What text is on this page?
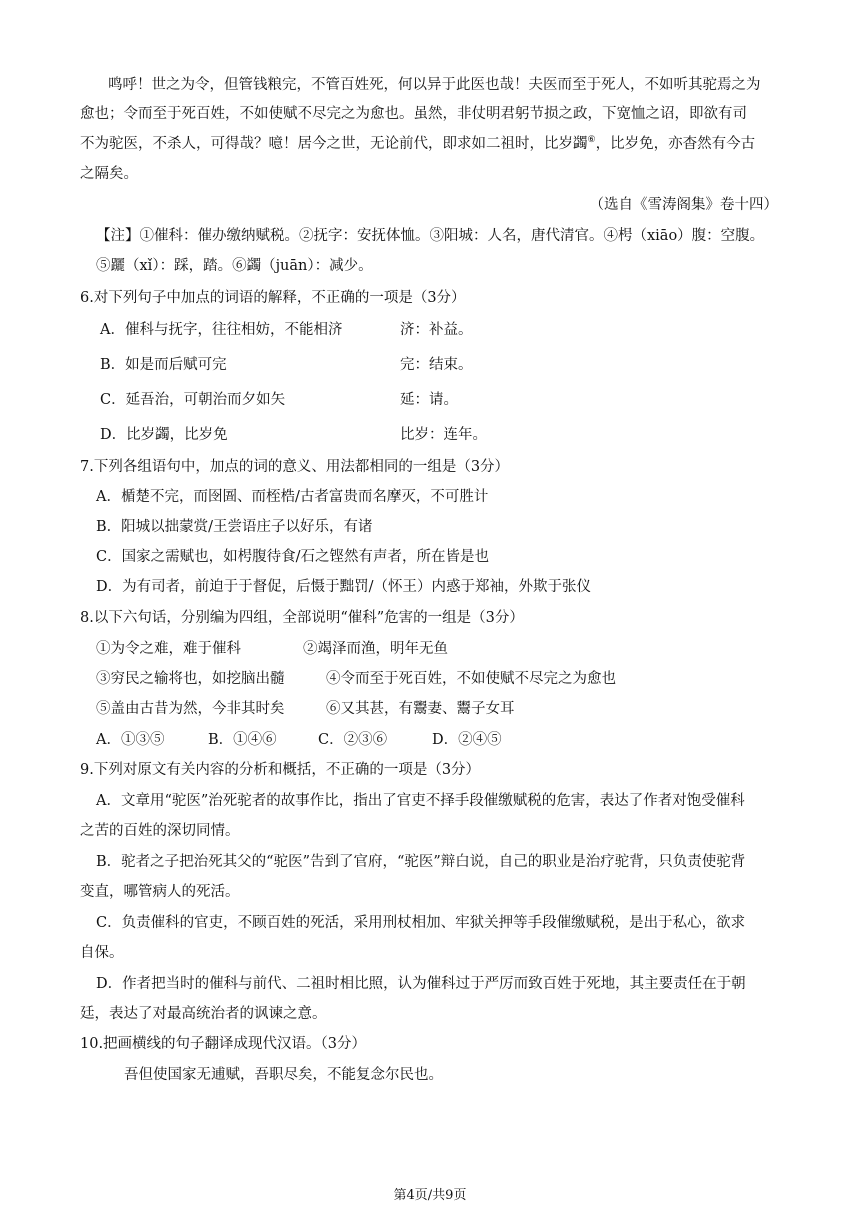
鸣呼！世之为令，但管钱粮完，不管百姓死，何以异于此医也哉！夫医而至于死人，不如听其驼焉之为
愈也；令而至于死百姓，不如使赋不尽完之为愈也。虽然，非仗明君躬节损之政，下宽恤之诏，即欲有司
不为驼医，不杀人，可得哉？噫！居今之世，无论前代，即求如二祖时，比岁蠲⑥，比岁免，亦杳然有今古
之隔矣。
（选自《雪涛阁集》卷十四）
【注】①催科：催办缴纳赋税。②抚字：安抚体恤。③阳城：人名，唐代清官。④枵（xiāo）腹：空腹。
⑤躧（xǐ）：踩，踏。⑥蠲（juān）：减少。
6.对下列句子中加点的词语的解释，不正确的一项是（3分）
A．催科与抚字，往往相妨，不能相济	济：补益。
B．如是而后赋可完	完：结束。
C．延吾治，可朝治而夕如矢	延：请。
D．比岁蠲，比岁免	比岁：连年。
7.下列各组语句中，加点的词的意义、用法都相同的一组是（3分）
A．楯楚不完，而囹圄、而桎梏/古者富贵而名摩灭，不可胜计
B．阳城以拙蒙赏/王尝语庄子以好乐，有诸
C．国家之需赋也，如枵腹待食/石之铿然有声者，所在皆是也
D．为有司者，前迫于于督促，后慑于黜罚/（怀王）内惑于郑袖，外欺于张仪
8.以下六句话，分别编为四组，全部说明“催科”危害的一组是（3分）
①为令之难，难于催科	②竭泽而渔，明年无鱼
③穷民之输将也，如挖脑出髓	④令而至于死百姓，不如使赋不尽完之为愈也
⑤盖由古昔为然，今非其时矣	⑥又其甚，有鬻妻、鬻子女耳
A．①③⑤	B．①④⑥	C．②③⑥	D．②④⑤
9.下列对原文有关内容的分析和概括，不正确的一项是（3分）
A．文章用“驼医”治死驼者的故事作比，指出了官吏不择手段催缴赋税的危害，表达了作者对饱受催科
之苦的百姓的深切同情。
B．驼者之子把治死其父的“驼医”告到了官府，“驼医”辩白说，自己的职业是治疗驼背，只负责使驼背
变直，哪管病人的死活。
C．负责催科的官吏，不顾百姓的死活，采用刑杖相加、牢狱关押等手段催缴赋税，是出于私心，欲求
自保。
D．作者把当时的催科与前代、二祖时相比照，认为催科过于严厉而致百姓于死地，其主要责任在于朝
廷，表达了对最高统治者的讽谏之意。
10.把画横线的句子翻译成现代汉语。（3分）
吾但使国家无逋赋，吾职尽矣，不能复念尔民也。
第4页/共9页
